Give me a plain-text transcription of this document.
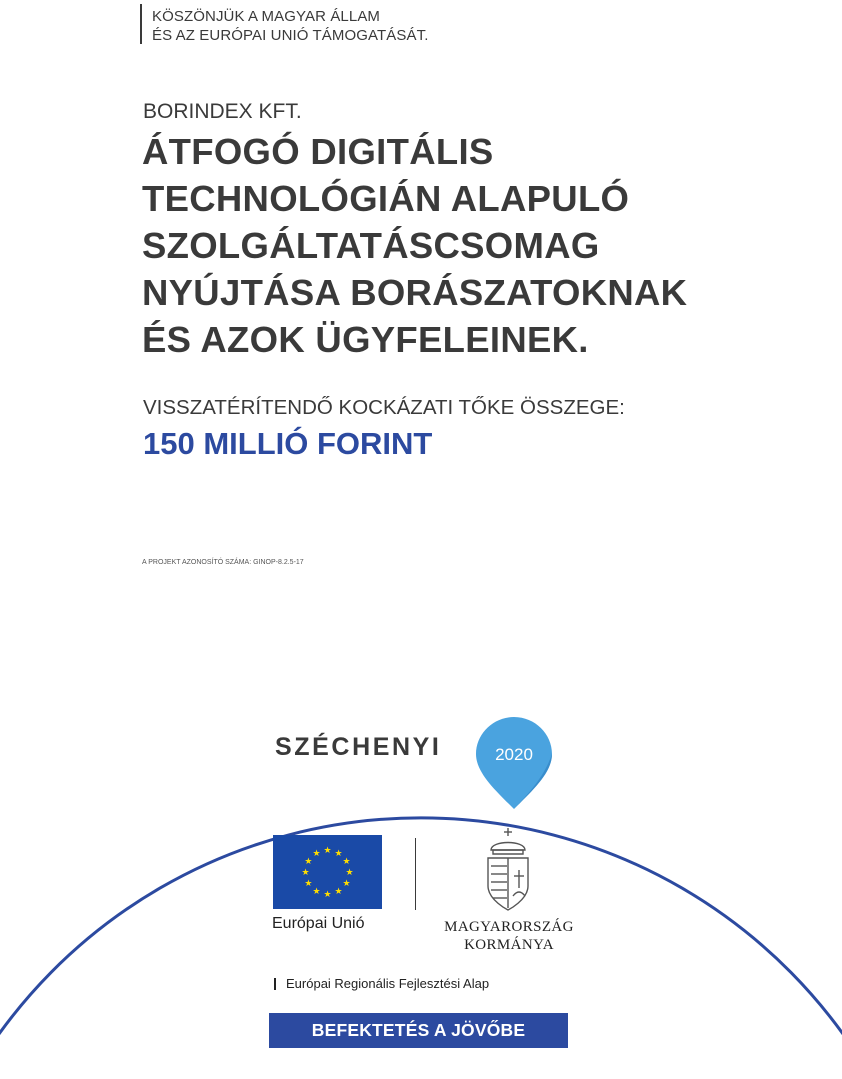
KÖSZÖNJÜK A MAGYAR ÁLLAM
ÉS AZ EURÓPAI UNIÓ TÁMOGATÁSÁT.
BORINDEX KFT.
ÁTFOGÓ DIGITÁLIS
TECHNOLÓGIÁN ALAPULÓ
SZOLGÁLTATÁSCSOMAG
NYÚJTÁSA BORÁSZATOKNAK
ÉS AZOK ÜGYFELEINEK.
VISSZATÉRÍTENDŐ KOCKÁZATI TŐKE ÖSSZEGE:
150 MILLIÓ FORINT
A PROJEKT AZONOSÍTÓ SZÁMA: GINOP-8.2.5-17
SZÉCHENYI	2020
★ ★
★
★
★
★
★
★
★
★
★
★
Európai Unió	MAGYARORSZÁG
KORMÁNYA
Európai Regionális Fejlesztési Alap
BEFEKTETÉS A JÖVŐBE
